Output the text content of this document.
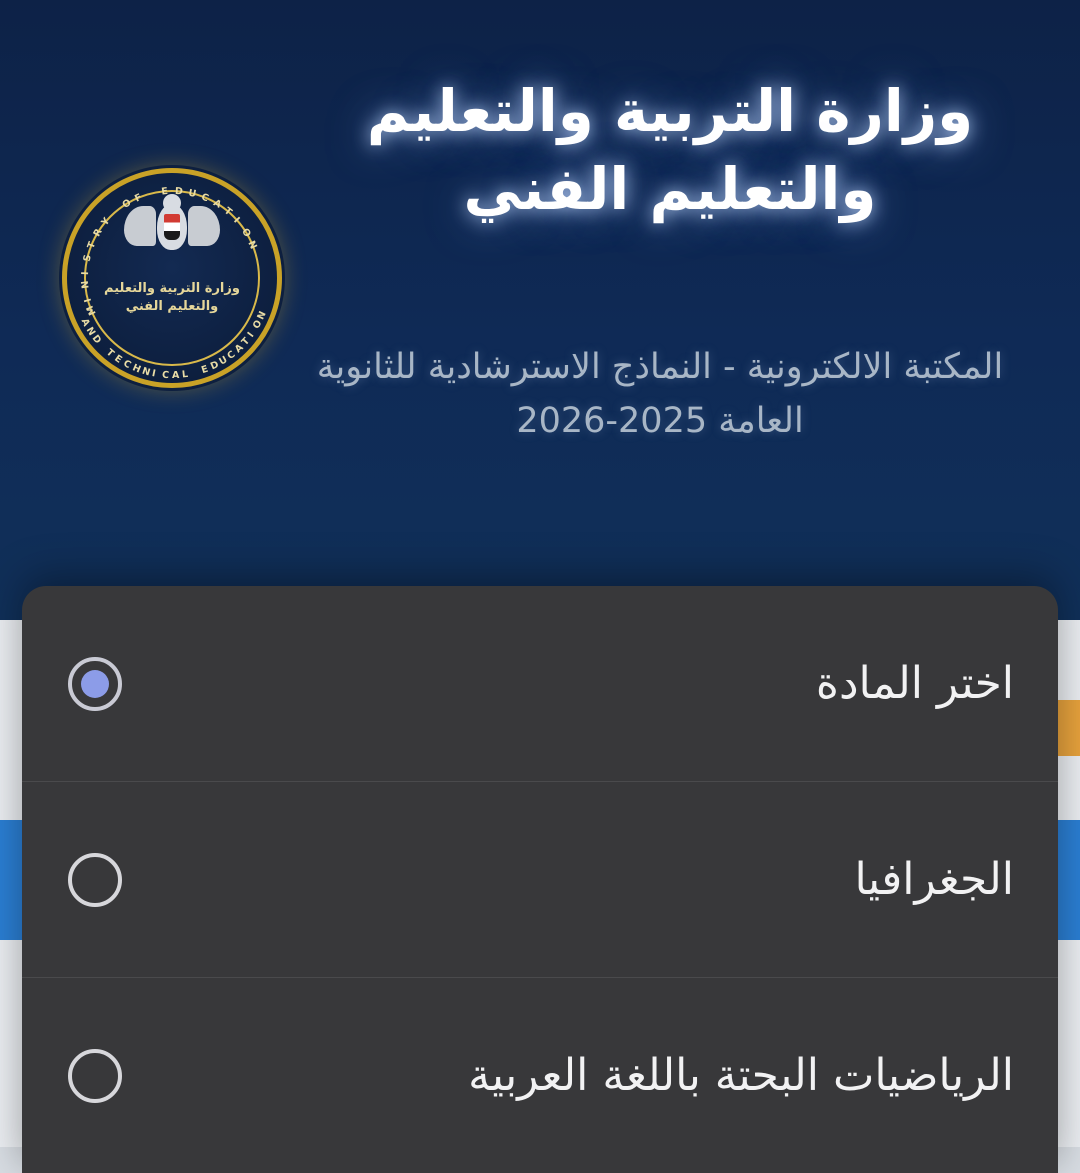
وزارة التربية والتعليم والتعليم الفني
المكتبة الالكترونية - النماذج الاسترشادية للثانوية العامة 2025-2026
وزارة التربية والتعليم والتعليم الفني
M
I
N
I
S
T
R
Y

O F

E D U C A
T
I
O
N
A
N
D

T
E
C
H
N I C A L
E D
U
C
A
T
I
O
N
اختر المادة
الجغرافيا
الرياضيات البحتة باللغة العربية
